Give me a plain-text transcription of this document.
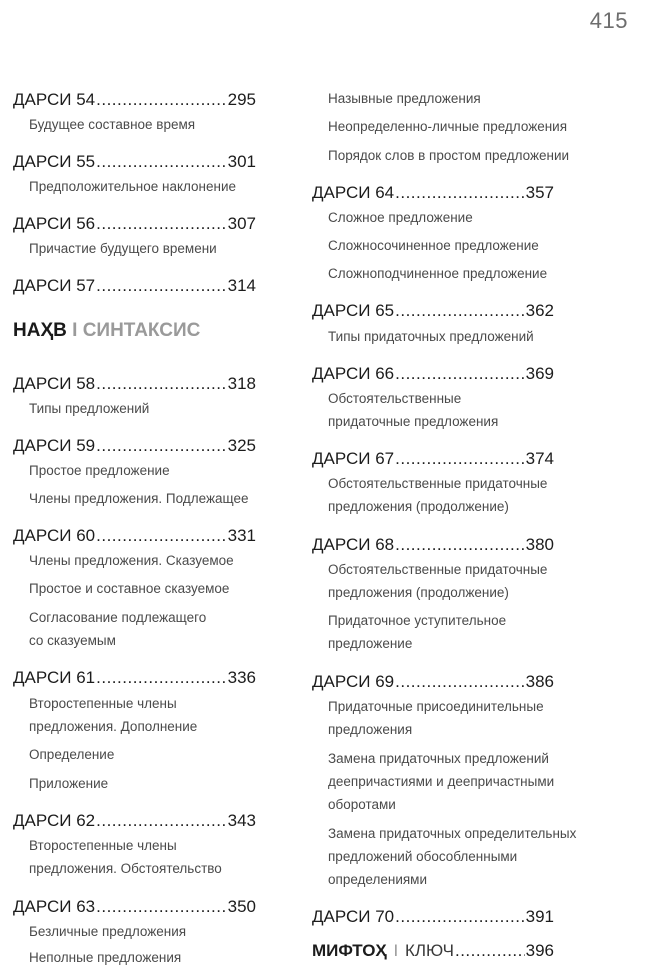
415
ДАРСИ 54 .....	295
Будущее составное время
ДАРСИ 55 .....	301
Предположительное наклонение
ДАРСИ 56 .....	307
Причастие будущего времени
ДАРСИ 57 .....	314
НАҲВ I СИНТАКСИС
ДАРСИ 58 .....	318
Типы предложений
ДАРСИ 59 .....	325
Простое предложение
Члены предложения. Подлежащее
ДАРСИ 60 .....	331
Члены предложения. Сказуемое
Простое и составное сказуемое
Согласование подлежащего
со сказуемым
ДАРСИ 61 .....	336
Второстепенные члены
предложения. Дополнение
Определение
Приложение
ДАРСИ 62 .....	343
Второстепенные члены
предложения. Обстоятельство
ДАРСИ 63 .....	350
Безличные предложения
Неполные предложения
Назывные предложения
Неопределенно-личные предложения
Порядок слов в простом предложении
ДАРСИ 64 .....	357
Сложное предложение
Сложносочиненное предложение
Сложноподчиненное предложение
ДАРСИ 65 .....	362
Типы придаточных предложений
ДАРСИ 66 .....	369
Обстоятельственные
придаточные предложения
ДАРСИ 67 .....	374
Обстоятельственные придаточные
предложения (продолжение)
ДАРСИ 68 .....	380
Обстоятельственные придаточные
предложения (продолжение)
Придаточное уступительное
предложение
ДАРСИ 69 .....	386
Придаточные присоединительные
предложения
Замена придаточных предложений
деепричастиями и деепричастными
оборотами
Замена придаточных определительных
предложений обособленными
определениями
ДАРСИ 70 .....	391
МИФТОҲ I КЛЮЧ .....	396
